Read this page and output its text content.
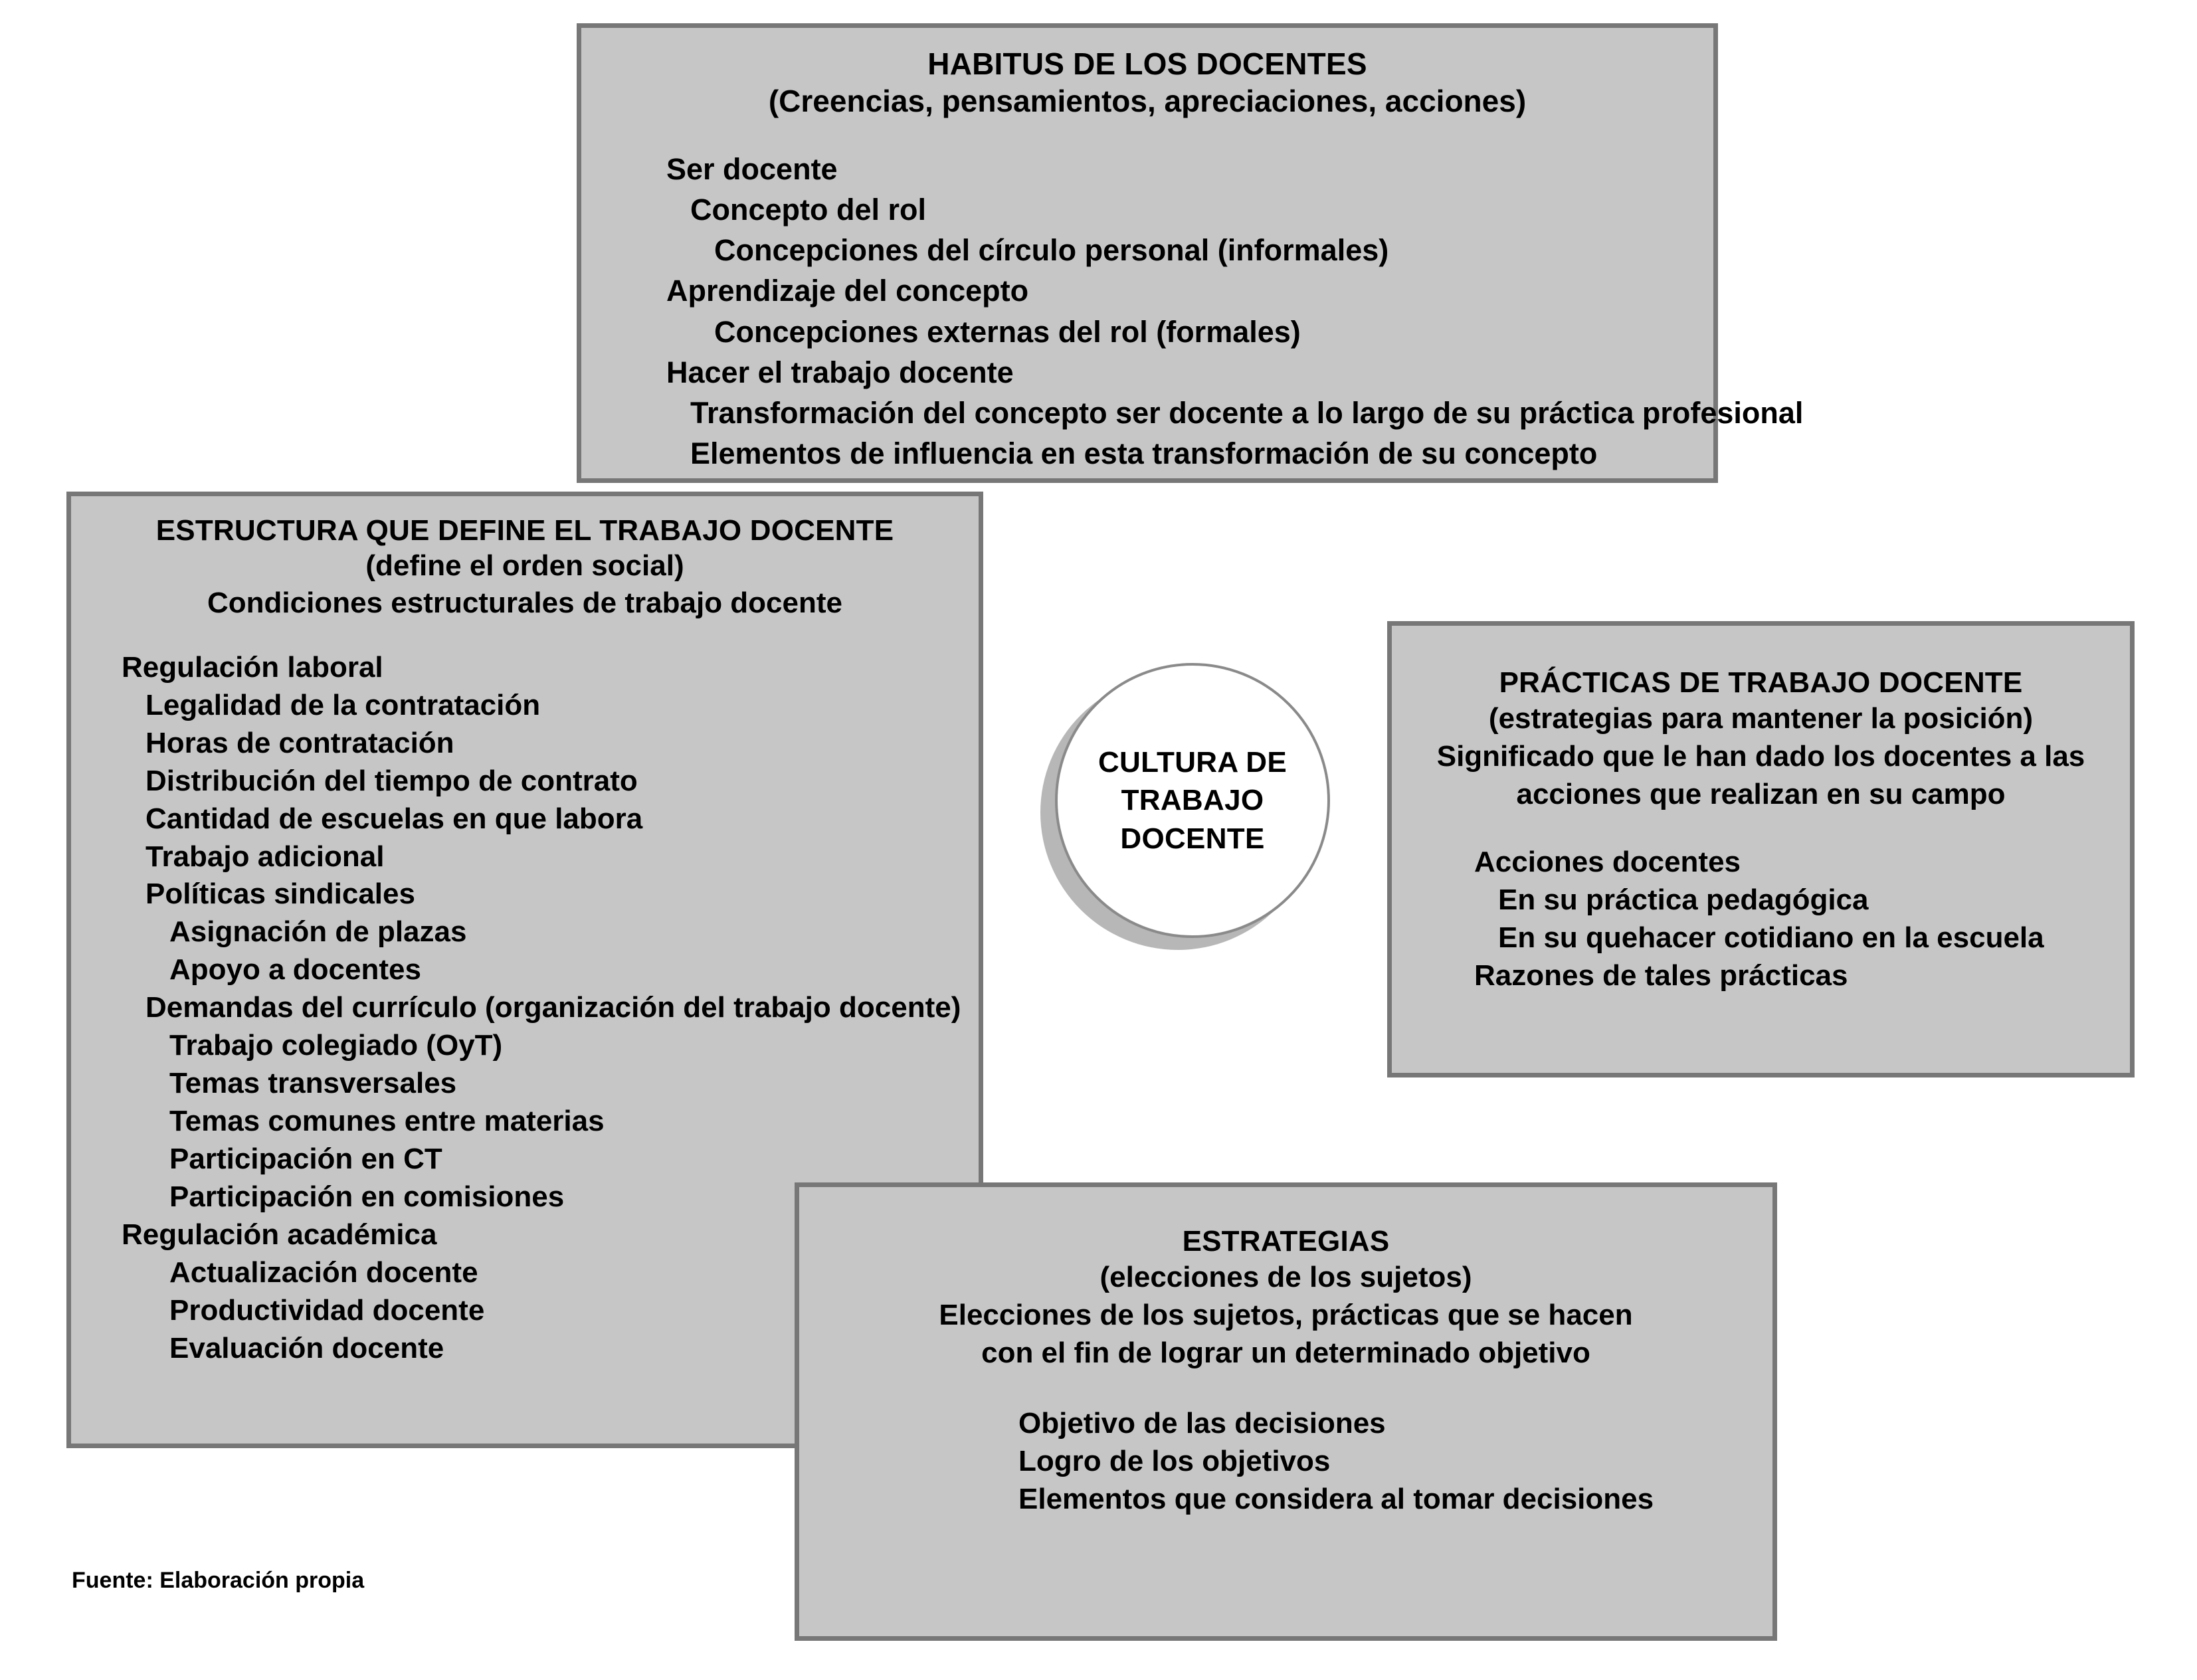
HABITUS DE LOS DOCENTES
(Creencias, pensamientos, apreciaciones, acciones)
Ser docente
Concepto del rol
Concepciones del círculo personal (informales)
Aprendizaje del concepto
Concepciones externas del rol (formales)
Hacer el trabajo docente
Transformación del concepto ser docente a lo largo de su práctica profesional
Elementos de influencia en esta transformación de su concepto
ESTRUCTURA QUE DEFINE EL TRABAJO DOCENTE
(define el orden social)
Condiciones estructurales de trabajo docente
Regulación laboral
Legalidad de la contratación
Horas de contratación
Distribución del tiempo de contrato
Cantidad de escuelas en que labora
Trabajo adicional
Políticas sindicales
Asignación de plazas
Apoyo a docentes
Demandas del currículo (organización del trabajo docente)
Trabajo colegiado (OyT)
Temas transversales
Temas comunes entre materias
Participación en CT
Participación en comisiones
Regulación académica
Actualización docente
Productividad docente
Evaluación docente
PRÁCTICAS DE TRABAJO DOCENTE
(estrategias para mantener la posición)
Significado que le han dado los docentes a las
acciones que realizan en su campo
Acciones docentes
En su práctica pedagógica
En su quehacer cotidiano en la escuela
Razones de tales prácticas
ESTRATEGIAS
(elecciones de los sujetos)
Elecciones de los sujetos, prácticas que se hacen
con el fin de lograr un determinado objetivo
Objetivo de las decisiones
Logro de los objetivos
Elementos que considera al tomar decisiones
CULTURA DE
TRABAJO
DOCENTE
Fuente: Elaboración propia
